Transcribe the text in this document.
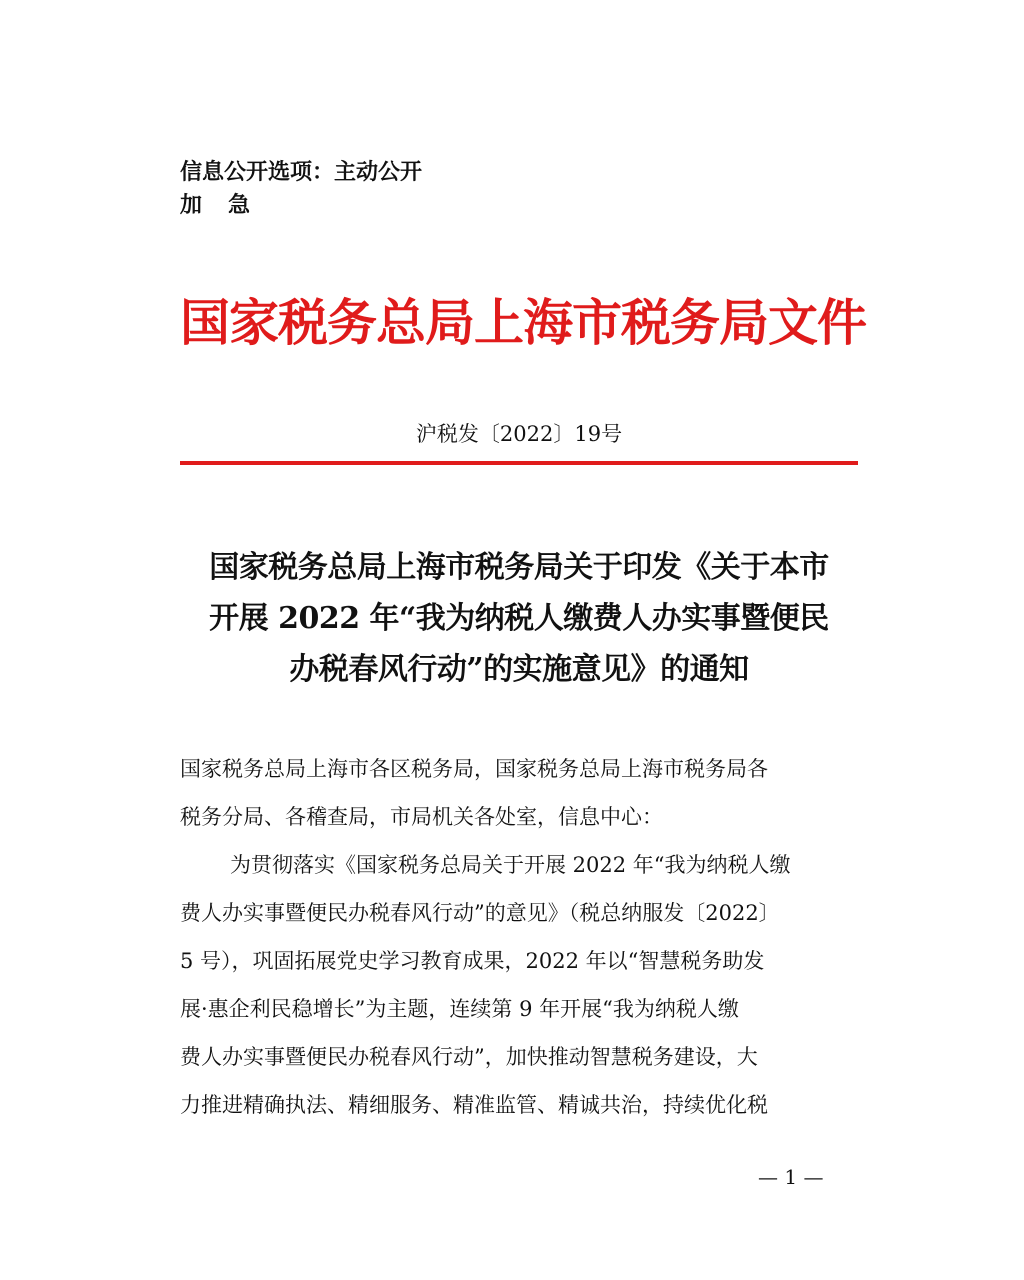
信息公开选项：主动公开
加 急
国家税务总局上海市税务局文件
沪税发〔2022〕19号
国家税务总局上海市税务局关于印发《关于本市
开展 2022 年“我为纳税人缴费人办实事暨便民
办税春风行动”的实施意见》的通知
国家税务总局上海市各区税务局，国家税务总局上海市税务局各
税务分局、各稽查局，市局机关各处室，信息中心：
为贯彻落实《国家税务总局关于开展 2022 年“我为纳税人缴
费人办实事暨便民办税春风行动”的意见》（税总纳服发〔2022〕
5 号），巩固拓展党史学习教育成果，2022 年以“智慧税务助发
展·惠企利民稳增长”为主题，连续第 9 年开展“我为纳税人缴
费人办实事暨便民办税春风行动”，加快推动智慧税务建设，大
力推进精确执法、精细服务、精准监管、精诚共治，持续优化税
— 1 —
